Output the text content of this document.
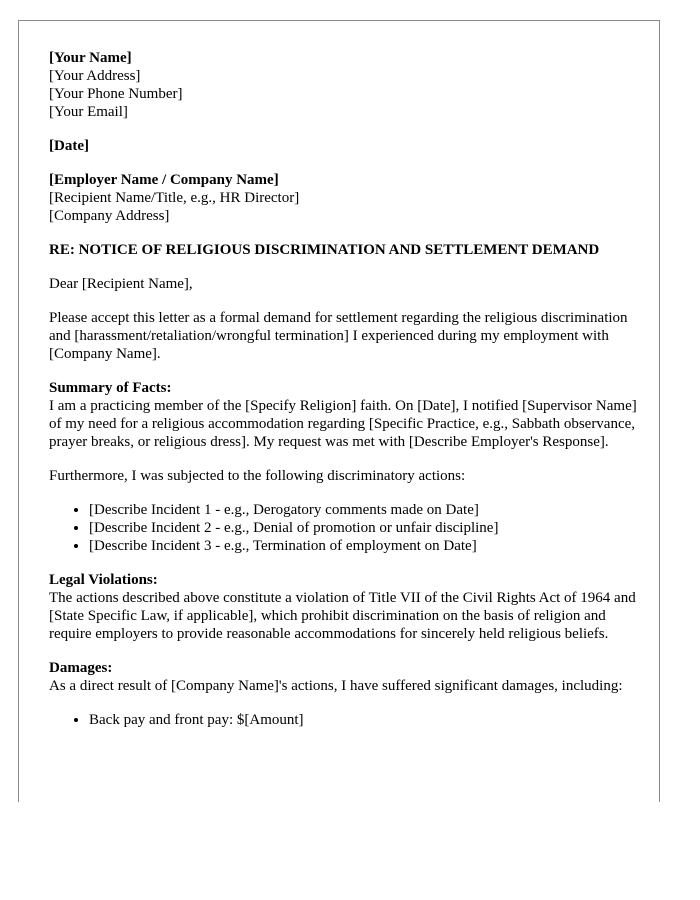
[Your Name]
[Your Address]
[Your Phone Number]
[Your Email]
[Date]
[Employer Name / Company Name]
[Recipient Name/Title, e.g., HR Director]
[Company Address]

RE: NOTICE OF RELIGIOUS DISCRIMINATION AND SETTLEMENT DEMAND

Dear [Recipient Name],

Please accept this letter as a formal demand for settlement regarding the religious discrimination and [harassment/retaliation/wrongful termination] I experienced during my employment with [Company Name].

Summary of Facts:
I am a practicing member of the [Specify Religion] faith. On [Date], I notified [Supervisor Name] of my need for a religious accommodation regarding [Specific Practice, e.g., Sabbath observance, prayer breaks, or religious dress]. My request was met with [Describe Employer's Response].

Furthermore, I was subjected to the following discriminatory actions:

• [Describe Incident 1 - e.g., Derogatory comments made on Date]
• [Describe Incident 2 - e.g., Denial of promotion or unfair discipline]
• [Describe Incident 3 - e.g., Termination of employment on Date]
Legal Violations:
The actions described above constitute a violation of Title VII of the Civil Rights Act of 1964 and [State Specific Law, if applicable], which prohibit discrimination on the basis of religion and require employers to provide reasonable accommodations for sincerely held religious beliefs.
Damages:
As a direct result of [Company Name]'s actions, I have suffered significant damages, including:
• Back pay and front pay: $[Amount]
